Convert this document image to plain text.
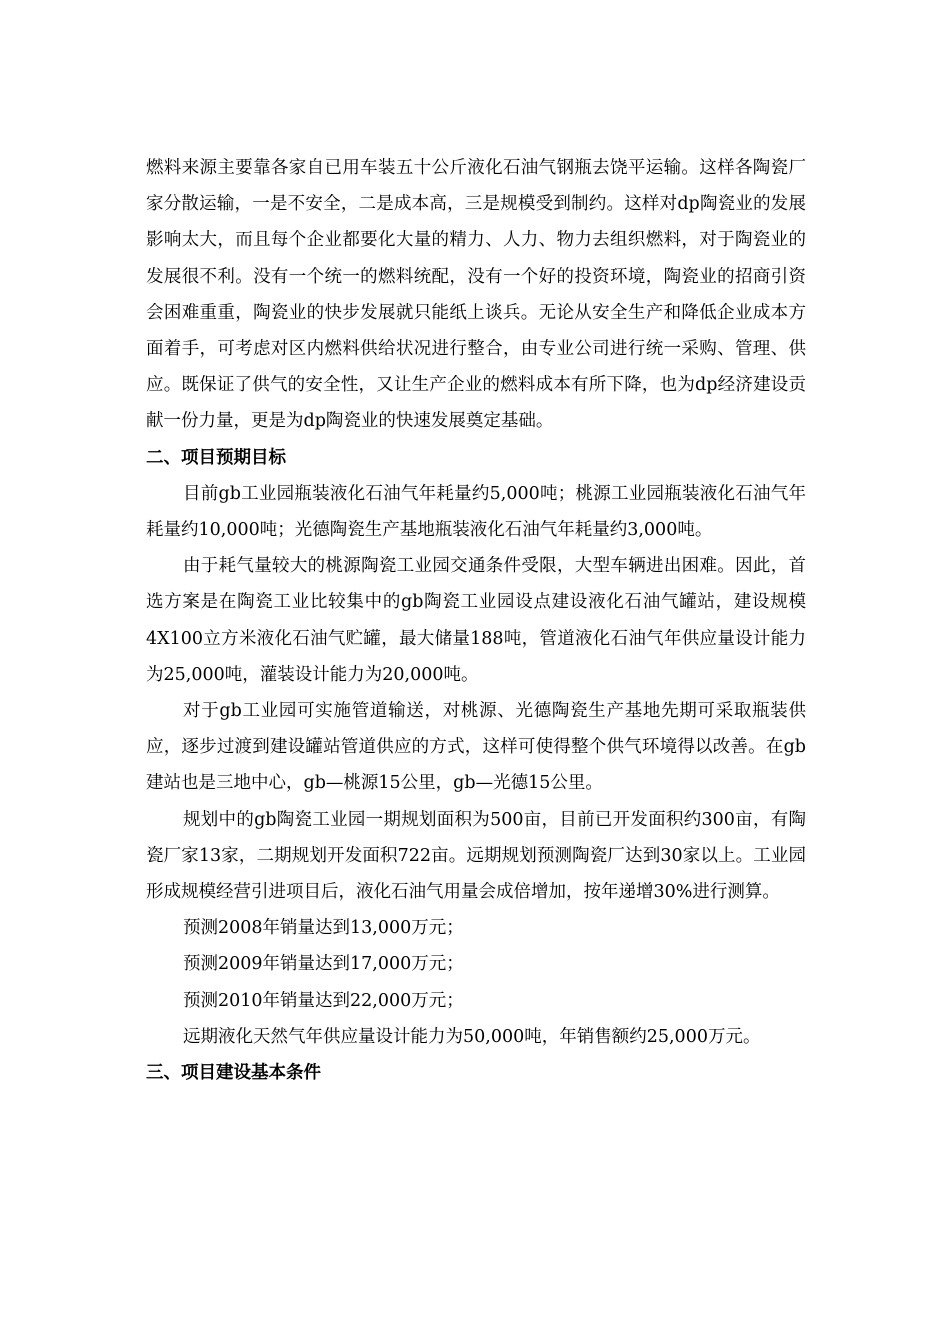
燃料来源主要靠各家自已用车装五十公斤液化石油气钢瓶去饶平运输。这样各陶瓷厂家分散运输，一是不安全，二是成本高，三是规模受到制约。这样对dp陶瓷业的发展影响太大，而且每个企业都要化大量的精力、人力、物力去组织燃料，对于陶瓷业的发展很不利。没有一个统一的燃料统配，没有一个好的投资环境，陶瓷业的招商引资会困难重重，陶瓷业的快步发展就只能纸上谈兵。无论从安全生产和降低企业成本方面着手，可考虑对区内燃料供给状况进行整合，由专业公司进行统一采购、管理、供应。既保证了供气的安全性，又让生产企业的燃料成本有所下降，也为dp经济建设贡献一份力量，更是为dp陶瓷业的快速发展奠定基础。

二、项目预期目标

目前gb工业园瓶装液化石油气年耗量约5,000吨；桃源工业园瓶装液化石油气年耗量约10,000吨；光德陶瓷生产基地瓶装液化石油气年耗量约3,000吨。

由于耗气量较大的桃源陶瓷工业园交通条件受限，大型车辆进出困难。因此，首选方案是在陶瓷工业比较集中的gb陶瓷工业园设点建设液化石油气罐站，建设规模4X100立方米液化石油气贮罐，最大储量188吨，管道液化石油气年供应量设计能力为25,000吨，灌装设计能力为20,000吨。

对于gb工业园可实施管道输送，对桃源、光德陶瓷生产基地先期可采取瓶装供应，逐步过渡到建设罐站管道供应的方式，这样可使得整个供气环境得以改善。在gb建站也是三地中心，gb—桃源15公里，gb—光德15公里。

规划中的gb陶瓷工业园一期规划面积为500亩，目前已开发面积约300亩，有陶瓷厂家13家，二期规划开发面积722亩。远期规划预测陶瓷厂达到30家以上。工业园形成规模经营引进项目后，液化石油气用量会成倍增加，按年递增30%进行测算。

预测2008年销量达到13,000万元；

预测2009年销量达到17,000万元；

预测2010年销量达到22,000万元；

远期液化天然气年供应量设计能力为50,000吨，年销售额约25,000万元。

三、项目建设基本条件
